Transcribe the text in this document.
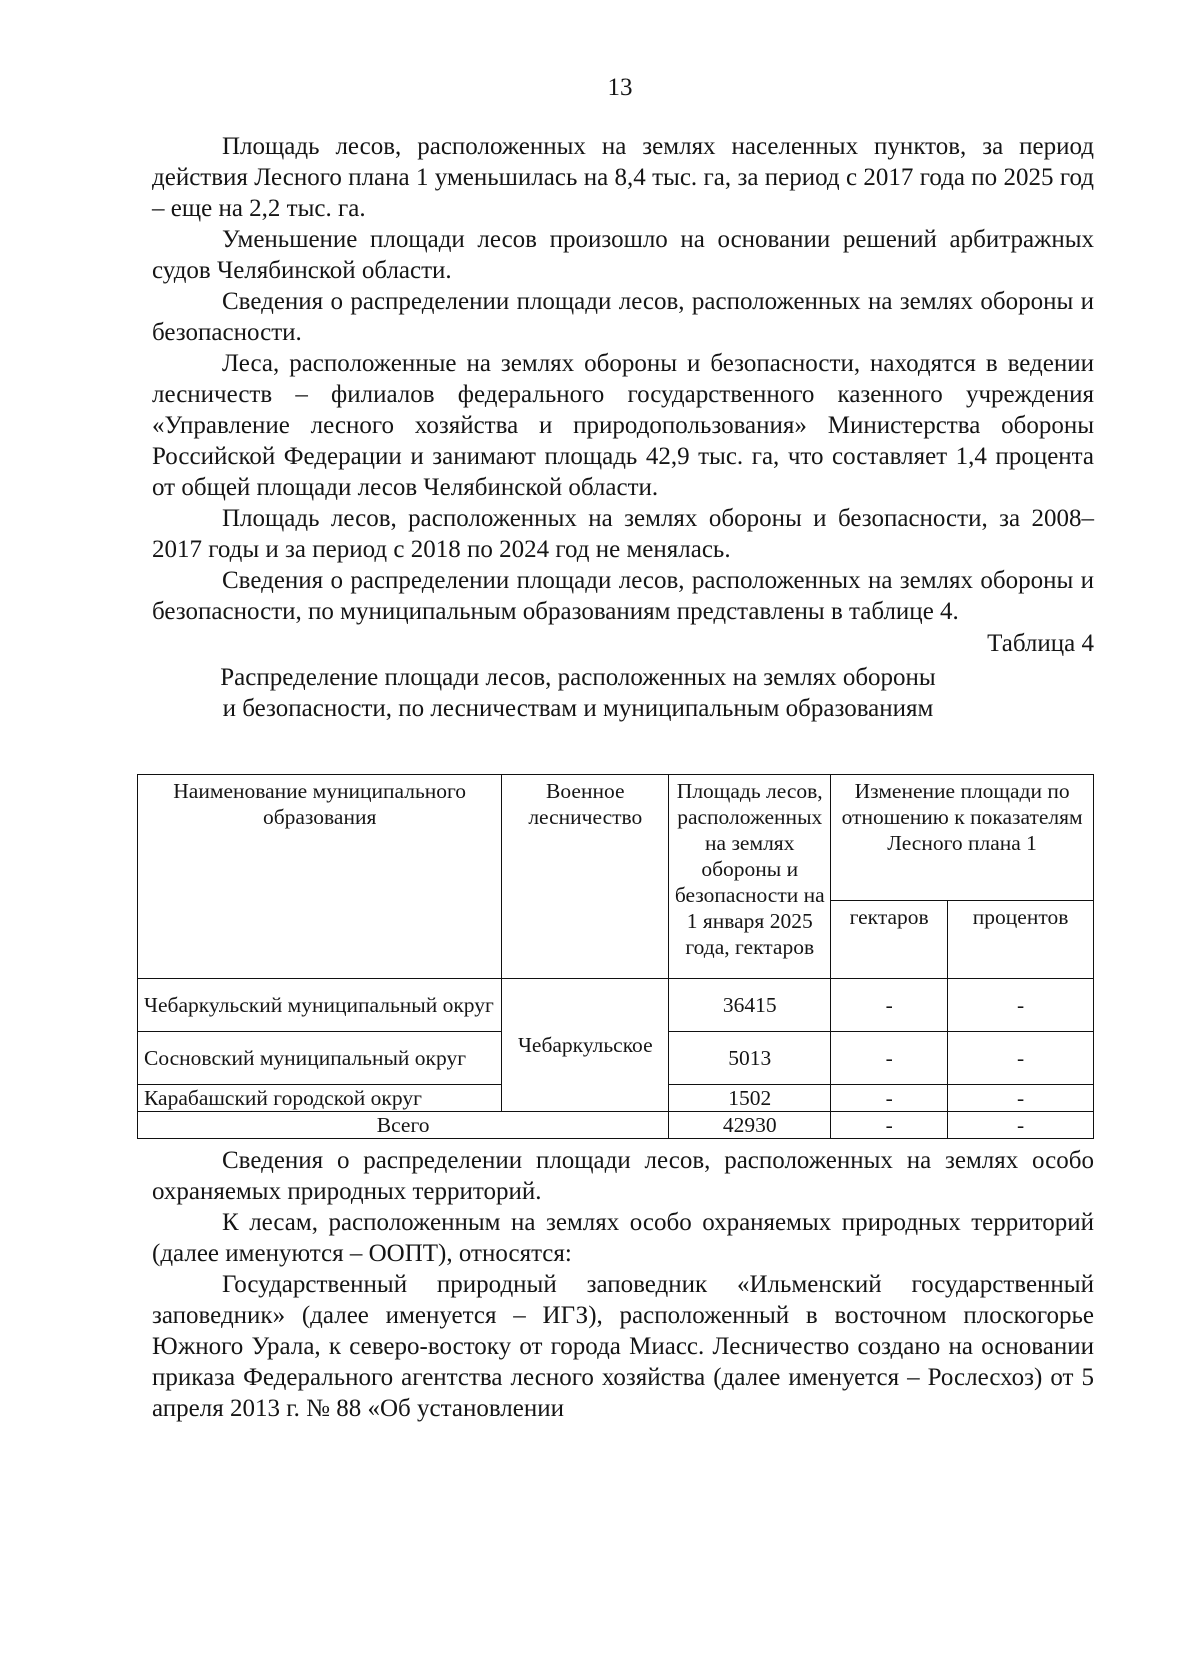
13

Площадь лесов, расположенных на землях населенных пунктов, за период действия Лесного плана 1 уменьшилась на 8,4 тыс. га, за период с 2017 года по 2025 год – еще на 2,2 тыс. га.

Уменьшение площади лесов произошло на основании решений арбитражных судов Челябинской области.

Сведения о распределении площади лесов, расположенных на землях обороны и безопасности.

Леса, расположенные на землях обороны и безопасности, находятся в ведении лесничеств – филиалов федерального государственного казенного учреждения «Управление лесного хозяйства и природопользования» Министерства обороны Российской Федерации и занимают площадь 42,9 тыс. га, что составляет 1,4 процента от общей площади лесов Челябинской области.

Площадь лесов, расположенных на землях обороны и безопасности, за 2008–2017 годы и за период с 2018 по 2024 год не менялась.

Сведения о распределении площади лесов, расположенных на землях обороны и безопасности, по муниципальным образованиям представлены в таблице 4.

Таблица 4

Распределение площади лесов, расположенных на землях обороны
и безопасности, по лесничествам и муниципальным образованиям

Наименование муниципального образования	Военное лесничество	Площадь лесов, расположенных на землях обороны и безопасности на 1 января 2025 года, гектаров	Изменение площади по отношению к показателям Лесного плана 1	
			гектаров	процентов
Чебаркульский муниципальный округ	Чебаркульское	36415	-	-
Сосновский муниципальный округ		5013	-	-
Карабашский городской округ		1502	-	-
Всего		42930	-	-

Сведения о распределении площади лесов, расположенных на землях особо охраняемых природных территорий.

К лесам, расположенным на землях особо охраняемых природных территорий (далее именуются – ООПТ), относятся:

Государственный природный заповедник «Ильменский государственный заповедник» (далее именуется – ИГЗ), расположенный в восточном плоскогорье Южного Урала, к северо-востоку от города Миасс. Лесничество создано на основании приказа Федерального агентства лесного хозяйства (далее именуется – Рослесхоз) от 5 апреля 2013 г. № 88 «Об установлении
